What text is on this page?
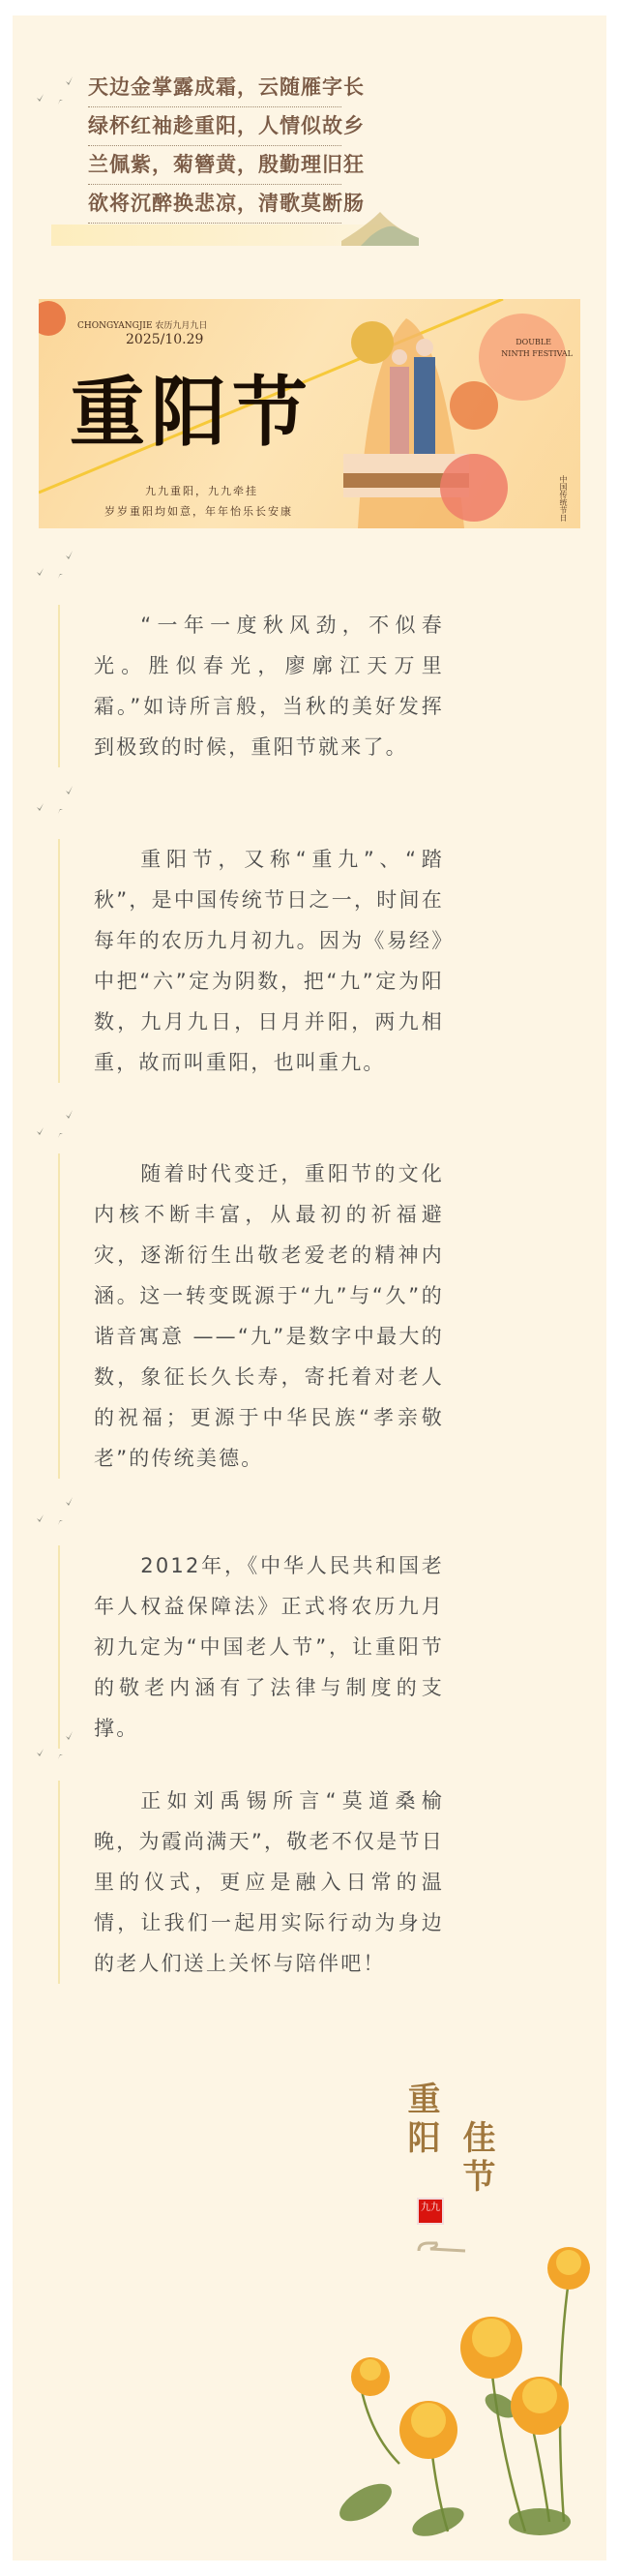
天边金掌露成霜，云随雁字长
绿杯红袖趁重阳，人情似故乡
兰佩紫，菊簪黄，殷勤理旧狂
欲将沉醉换悲凉，清歌莫断肠
CHONGYANGJIE 农历九月九日
2025/10.29
重阳节
九九重阳，九九牵挂
岁岁重阳均如意，年年怡乐长安康
DOUBLE
NINTH FESTIVAL
中国传统节日

“一年一度秋风劲，不似春光。胜似春光，廖廓江天万里霜。”如诗所言般，当秋的美好发挥到极致的时候，重阳节就来了。

重阳节，又称“重九”、“踏秋”，是中国传统节日之一，时间在每年的农历九月初九。因为《易经》中把“六”定为阴数，把“九”定为阳数，九月九日，日月并阳，两九相重，故而叫重阳，也叫重九。

随着时代变迁，重阳节的文化内核不断丰富，从最初的祈福避灾，逐渐衍生出敬老爱老的精神内涵。这一转变既源于“九”与“久”的谐音寓意 ——“九”是数字中最大的数，象征长久长寿，寄托着对老人的祝福；更源于中华民族“孝亲敬老”的传统美德。

2012年，《中华人民共和国老年人权益保障法》正式将农历九月初九定为“中国老人节”，让重阳节的敬老内涵有了法律与制度的支撑。

正如刘禹锡所言“莫道桑榆晚，为霞尚满天”，敬老不仅是节日里的仪式，更应是融入日常的温情，让我们一起用实际行动为身边的老人们送上关怀与陪伴吧！

重阳 佳节
九九
